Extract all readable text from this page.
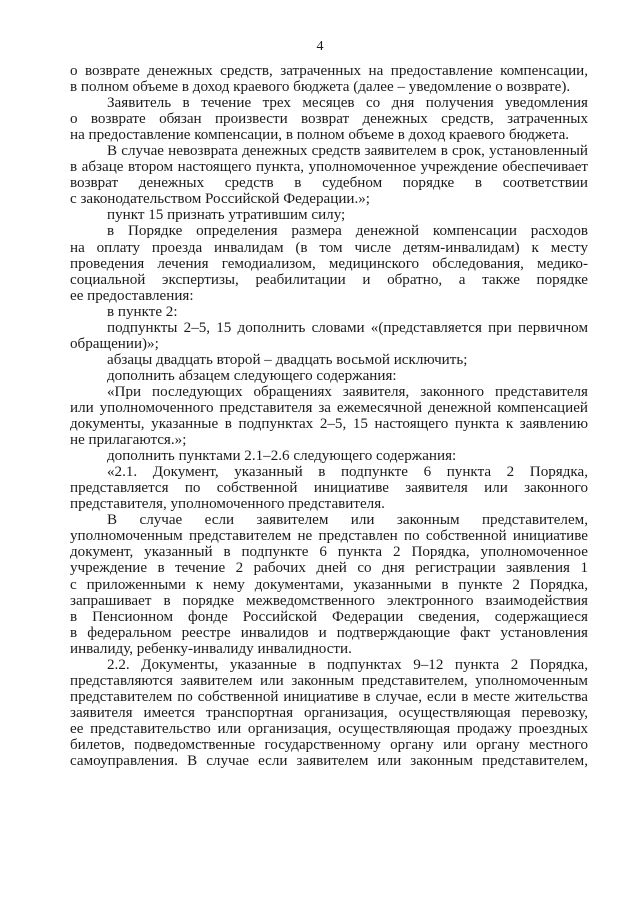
4
о возврате денежных средств, затраченных на предоставление компенсации,
в полном объеме в доход краевого бюджета (далее – уведомление о возврате).
Заявитель в течение трех месяцев со дня получения уведомления
о возврате обязан произвести возврат денежных средств, затраченных
на предоставление компенсации, в полном объеме в доход краевого бюджета.
В случае невозврата денежных средств заявителем в срок, установленный
в абзаце втором настоящего пункта, уполномоченное учреждение обеспечивает
возврат денежных средств в судебном порядке в соответствии
с законодательством Российской Федерации.»;
пункт 15 признать утратившим силу;
в Порядке определения размера денежной компенсации расходов
на оплату проезда инвалидам (в том числе детям-инвалидам) к месту
проведения лечения гемодиализом, медицинского обследования, медико-
социальной экспертизы, реабилитации и обратно, а также порядке
ее предоставления:
в пункте 2:
подпункты 2–5, 15 дополнить словами «(представляется при первичном
обращении)»;
абзацы двадцать второй – двадцать восьмой исключить;
дополнить абзацем следующего содержания:
«При последующих обращениях заявителя, законного представителя
или уполномоченного представителя за ежемесячной денежной компенсацией
документы, указанные в подпунктах 2–5, 15 настоящего пункта к заявлению
не прилагаются.»;
дополнить пунктами 2.1–2.6 следующего содержания:
«2.1. Документ, указанный в подпункте 6 пункта 2 Порядка,
представляется по собственной инициативе заявителя или законного
представителя, уполномоченного представителя.
В случае если заявителем или законным представителем,
уполномоченным представителем не представлен по собственной инициативе
документ, указанный в подпункте 6 пункта 2 Порядка, уполномоченное
учреждение в течение 2 рабочих дней со дня регистрации заявления 1
с приложенными к нему документами, указанными в пункте 2 Порядка,
запрашивает в порядке межведомственного электронного взаимодействия
в Пенсионном фонде Российской Федерации сведения, содержащиеся
в федеральном реестре инвалидов и подтверждающие факт установления
инвалиду, ребенку-инвалиду инвалидности.
2.2. Документы, указанные в подпунктах 9–12 пункта 2 Порядка,
представляются заявителем или законным представителем, уполномоченным
представителем по собственной инициативе в случае, если в месте жительства
заявителя имеется транспортная организация, осуществляющая перевозку,
ее представительство или организация, осуществляющая продажу проездных
билетов, подведомственные государственному органу или органу местного
самоуправления. В случае если заявителем или законным представителем,
